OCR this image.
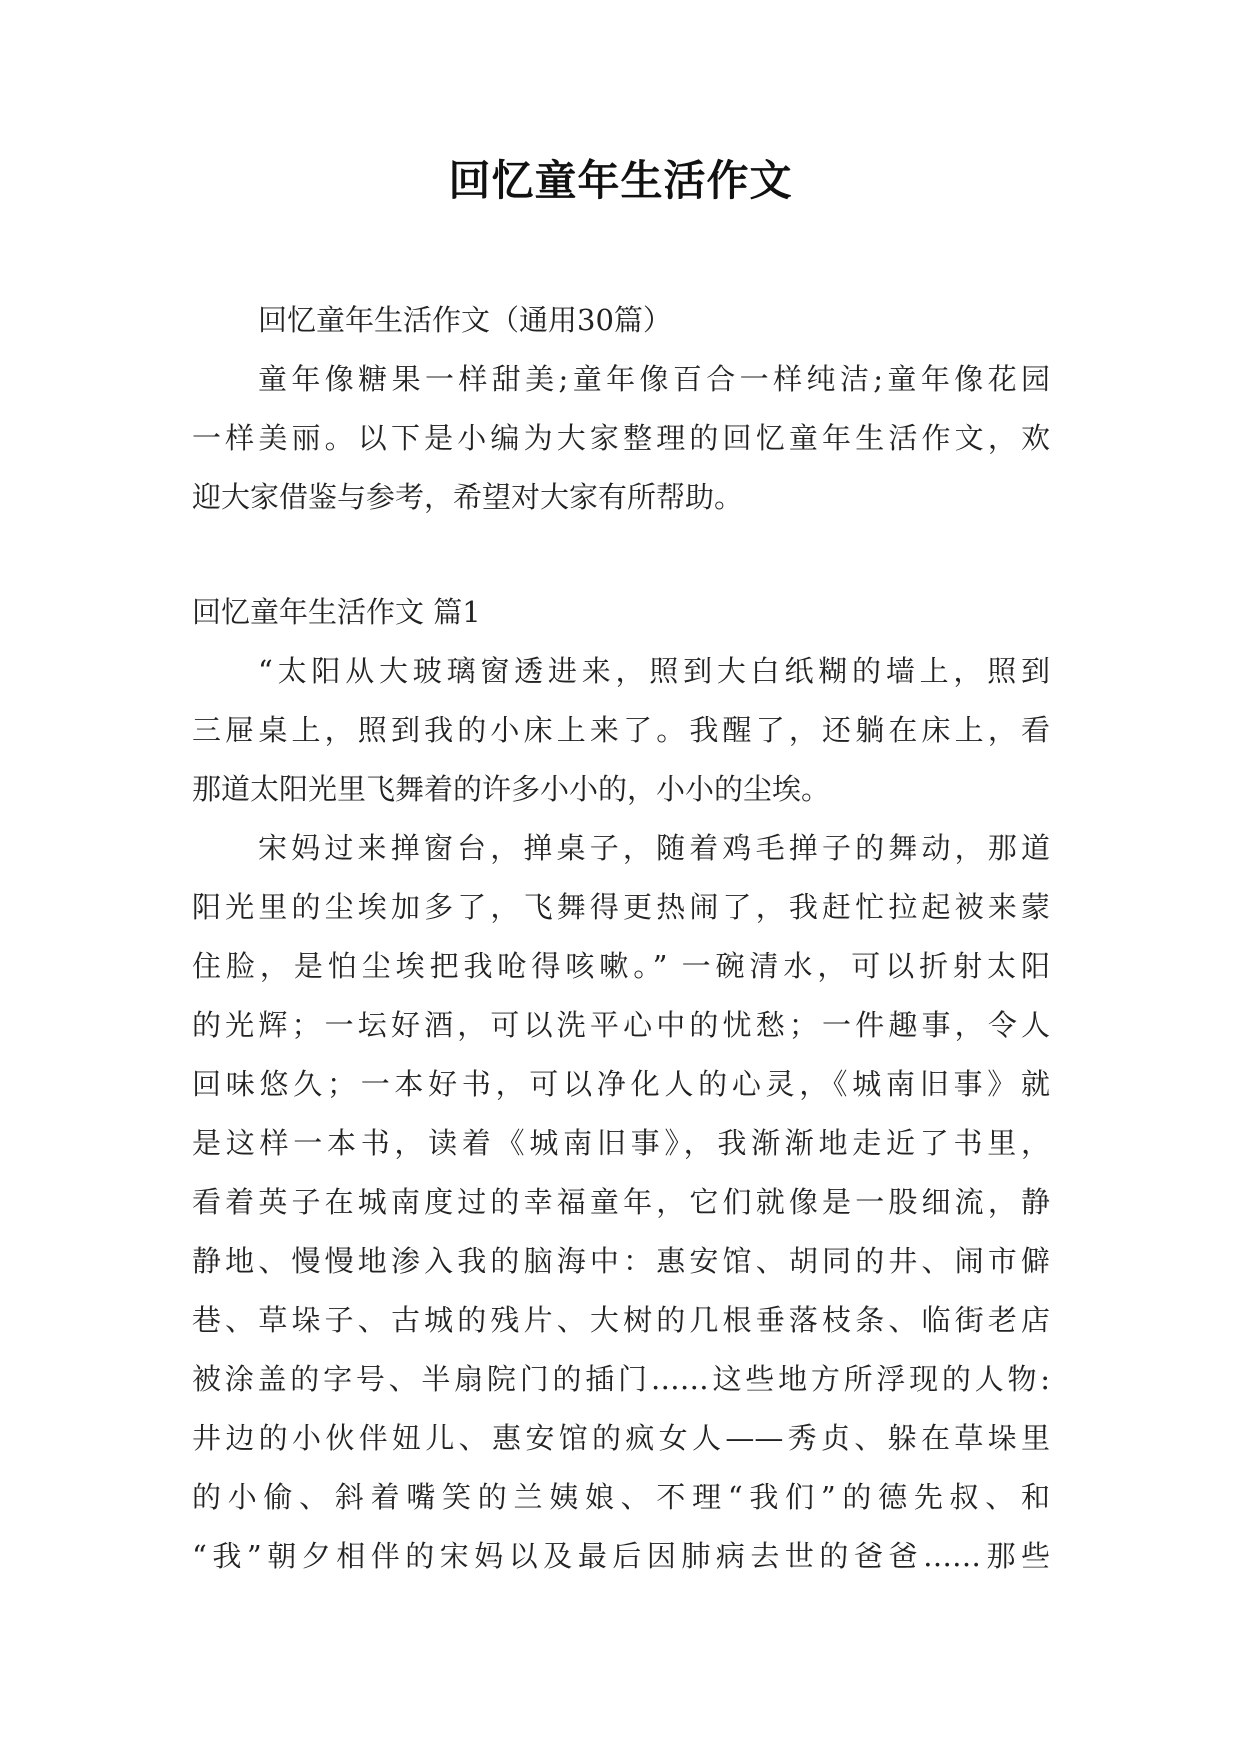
回忆童年生活作文
回忆童年生活作文（通用30篇）
童年像糖果一样甜美;童年像百合一样纯洁;童年像花园
一样美丽。以下是小编为大家整理的回忆童年生活作文，欢
迎大家借鉴与参考，希望对大家有所帮助。
回忆童年生活作文 篇1
“太阳从大玻璃窗透进来，照到大白纸糊的墙上，照到
三屉桌上，照到我的小床上来了。我醒了，还躺在床上，看
那道太阳光里飞舞着的许多小小的，小小的尘埃。
宋妈过来掸窗台，掸桌子，随着鸡毛掸子的舞动，那道
阳光里的尘埃加多了，飞舞得更热闹了，我赶忙拉起被来蒙
住脸，是怕尘埃把我呛得咳嗽。” 一碗清水，可以折射太阳
的光辉；一坛好酒，可以洗平心中的忧愁；一件趣事，令人
回味悠久；一本好书，可以净化人的心灵，《城南旧事》就
是这样一本书，读着《城南旧事》，我渐渐地走近了书里，
看着英子在城南度过的幸福童年，它们就像是一股细流，静
静地、慢慢地渗入我的脑海中：惠安馆、胡同的井、闹市僻
巷、草垛子、古城的残片、大树的几根垂落枝条、临街老店
被涂盖的字号、半扇院门的插门……这些地方所浮现的人物:
井边的小伙伴妞儿、惠安馆的疯女人——秀贞、躲在草垛里
的小偷、斜着嘴笑的兰姨娘、不理“我们”的德先叔、和
“我”朝夕相伴的宋妈以及最后因肺病去世的爸爸……那些
